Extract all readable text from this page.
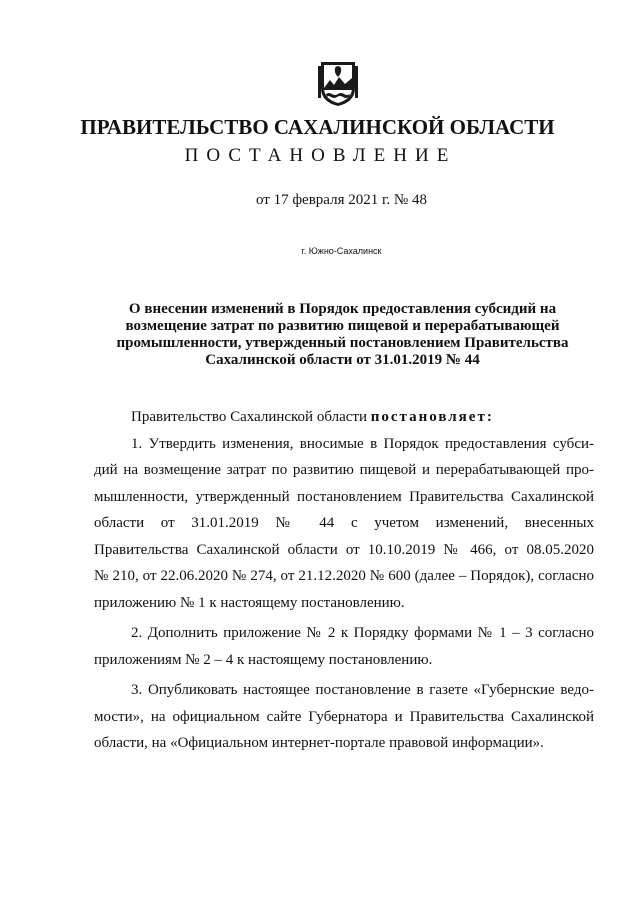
ПРАВИТЕЛЬСТВО САХАЛИНСКОЙ ОБЛАСТИ
ПОСТАНОВЛЕНИЕ
от 17 февраля 2021 г. № 48
г. Южно-Сахалинск
О внесении изменений в Порядок предоставления субсидий на
возмещение затрат по развитию пищевой и перерабатывающей
промышленности, утвержденный постановлением Правительства
Сахалинской области от 31.01.2019 № 44
Правительство Сахалинской области постановляет:
1. Утвердить изменения, вносимые в Порядок предоставления субси-
дий на возмещение затрат по развитию пищевой и перерабатывающей про-
мышленности, утвержденный постановлением Правительства Сахалинской
области от 31.01.2019 № 44 с учетом изменений, внесенных
Правительства Сахалинской области от 10.10.2019 № 466, от 08.05.2020
№ 210, от 22.06.2020 № 274, от 21.12.2020 № 600 (далее – Порядок), согласно
приложению № 1 к настоящему постановлению.
2. Дополнить приложение № 2 к Порядку формами № 1 – 3 согласно
приложениям № 2 – 4 к настоящему постановлению.
3. Опубликовать настоящее постановление в газете «Губернские ведо-
мости», на официальном сайте Губернатора и Правительства Сахалинской
области, на «Официальном интернет-портале правовой информации».
